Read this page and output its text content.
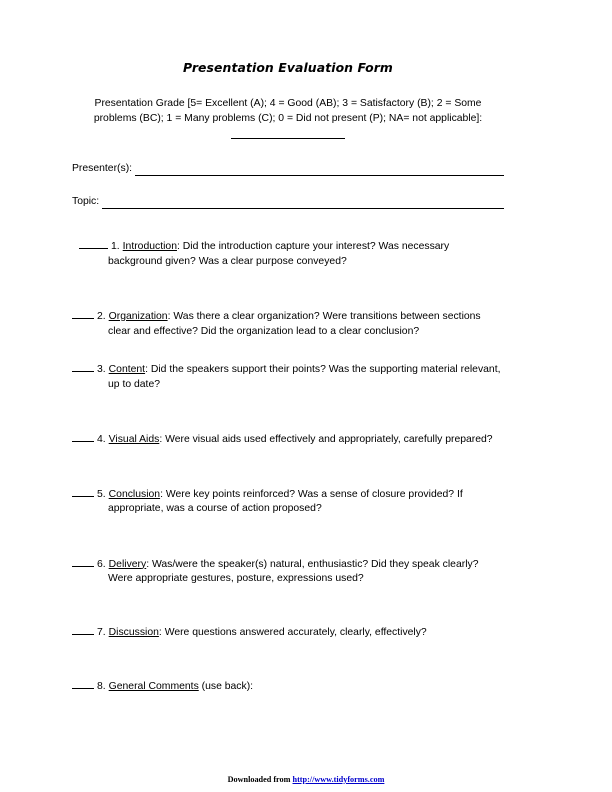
Presentation Evaluation Form

Presentation Grade [5= Excellent (A); 4 = Good (AB); 3 = Satisfactory (B); 2 = Some problems (BC); 1 = Many problems (C); 0 = Did not present (P); NA= not applicable]:

Presenter(s):
Topic:
1. Introduction: Did the introduction capture your interest? Was necessary background given? Was a clear purpose conveyed?
2. Organization: Was there a clear organization? Were transitions between sections clear and effective? Did the organization lead to a clear conclusion?
3. Content: Did the speakers support their points? Was the supporting material relevant, up to date?
4. Visual Aids: Were visual aids used effectively and appropriately, carefully prepared?
5. Conclusion: Were key points reinforced? Was a sense of closure provided? If appropriate, was a course of action proposed?
6. Delivery: Was/were the speaker(s) natural, enthusiastic? Did they speak clearly? Were appropriate gestures, posture, expressions used?
7. Discussion: Were questions answered accurately, clearly, effectively?
8. General Comments (use back):
Downloaded from http://www.tidyforms.com
